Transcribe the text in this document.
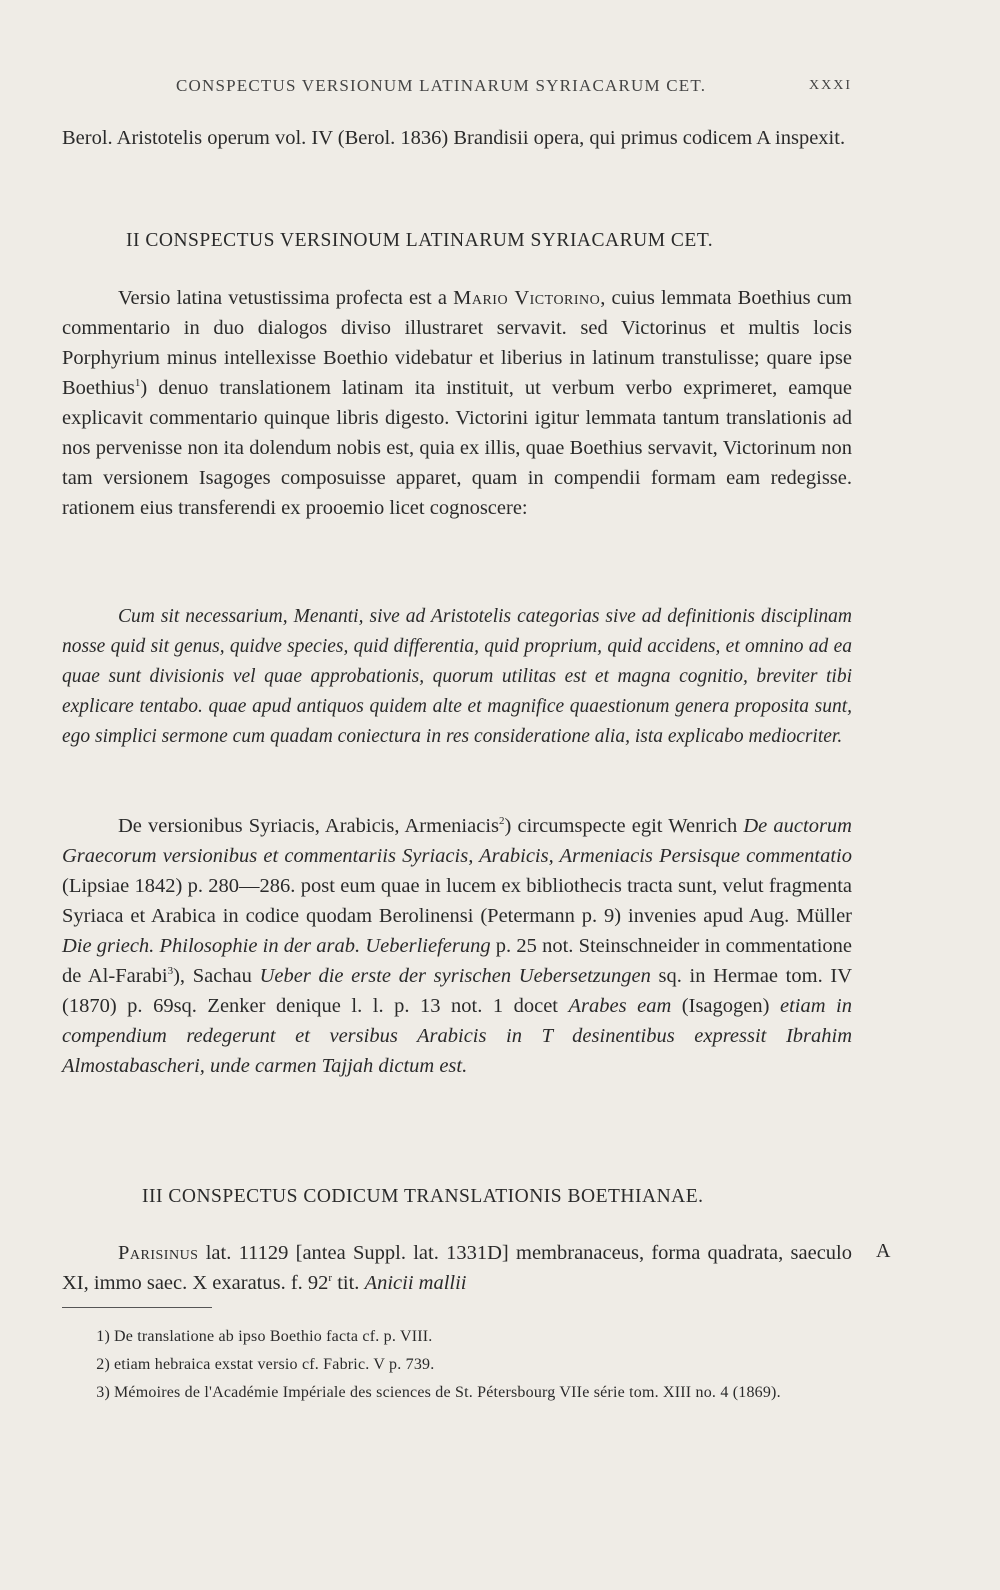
CONSPECTUS VERSIONUM LATINARUM SYRIACARUM CET.	XXXI

Berol. Aristotelis operum vol. IV (Berol. 1836) Brandisii opera, qui primus codicem A inspexit.

II CONSPECTUS VERSINOUM LATINARUM SYRIACARUM CET.

Versio latina vetustissima profecta est a Mario Victorino, cuius lemmata Boethius cum commentario in duo dialogos diviso illustraret servavit. sed Victorinus et multis locis Porphyrium minus intellexisse Boethio videbatur et liberius in latinum transtulisse; quare ipse Boethius$^1$) denuo translationem latinam ita instituit, ut verbum verbo exprimeret, eamque explicavit commentario quinque libris digesto. Victorini igitur lemmata tantum translationis ad nos pervenisse non ita dolendum nobis est, quia ex illis, quae Boethius servavit, Victorinum non tam versionem Isagoges composuisse apparet, quam in compendii formam eam redegisse. rationem eius transferendi ex prooemio licet cognoscere:

Cum sit necessarium, Menanti, sive ad Aristotelis categorias sive ad definitionis disciplinam nosse quid sit genus, quidve species, quid differentia, quid proprium, quid accidens, et omnino ad ea quae sunt divisionis vel quae approbationis, quorum utilitas est et magna cognitio, breviter tibi explicare tentabo. quae apud antiquos quidem alte et magnifice quaestionum genera proposita sunt, ego simplici sermone cum quadam coniectura in res consideratione alia, ista explicabo mediocriter.

De versionibus Syriacis, Arabicis, Armeniacis$^2$) circumspecte egit Wenrich De auctorum Graecorum versionibus et commentariis Syriacis, Arabicis, Armeniacis Persisque commentatio (Lipsiae 1842) p. 280—286. post eum quae in lucem ex bibliothecis tracta sunt, velut fragmenta Syriaca et Arabica in codice quodam Berolinensi (Petermann p. 9) invenies apud Aug. Müller Die griech. Philosophie in der arab. Ueberlieferung p. 25 not. Steinschneider in commentatione de Al-Farabi$^3$), Sachau Ueber die erste der syrischen Uebersetzungen sq. in Hermae tom. IV (1870) p. 69sq. Zenker denique l. l. p. 13 not. 1 docet Arabes eam (Isagogen) etiam in compendium redegerunt et versibus Arabicis in T desinentibus expressit Ibrahim Almostabascheri, unde carmen Tajjah dictum est.

III CONSPECTUS CODICUM TRANSLATIONIS BOETHIANAE.

Parisinus lat. 11129 [antea Suppl. lat. 1331D] membranaceus, forma quadrata, saeculo XI, immo saec. X exaratus. f. 92$^r$ tit. Anicii mallii

A
1) De translatione ab ipso Boethio facta cf. p. VIII.
2) etiam hebraica exstat versio cf. Fabric. V p. 739.
3) Mémoires de l'Académie Impériale des sciences de St. Pétersbourg VIIe série tom. XIII no. 4 (1869).
